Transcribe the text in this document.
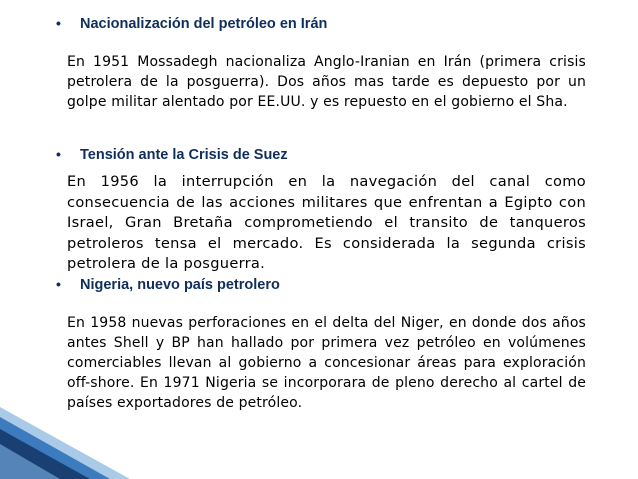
•	Nacionalización del petróleo en Irán
En 1951 Mossadegh nacionaliza Anglo-Iranian en Irán (primera crisis petrolera de la posguerra). Dos años mas tarde es depuesto por un golpe militar alentado por EE.UU. y es repuesto en el gobierno el Sha.
•	Tensión ante la Crisis de Suez
En 1956 la interrupción en la navegación del canal como consecuencia de las acciones militares que enfrentan a Egipto con Israel, Gran Bretaña comprometiendo el transito de tanqueros petroleros tensa el mercado. Es considerada la segunda crisis petrolera de la posguerra.
•	Nigeria, nuevo país petrolero
En 1958 nuevas perforaciones en el delta del Niger, en donde dos años antes Shell y BP han hallado por primera vez petróleo en volúmenes comerciables llevan al gobierno a concesionar áreas para exploración off-shore. En 1971 Nigeria se incorporara de pleno derecho al cartel de países exportadores de petróleo.
